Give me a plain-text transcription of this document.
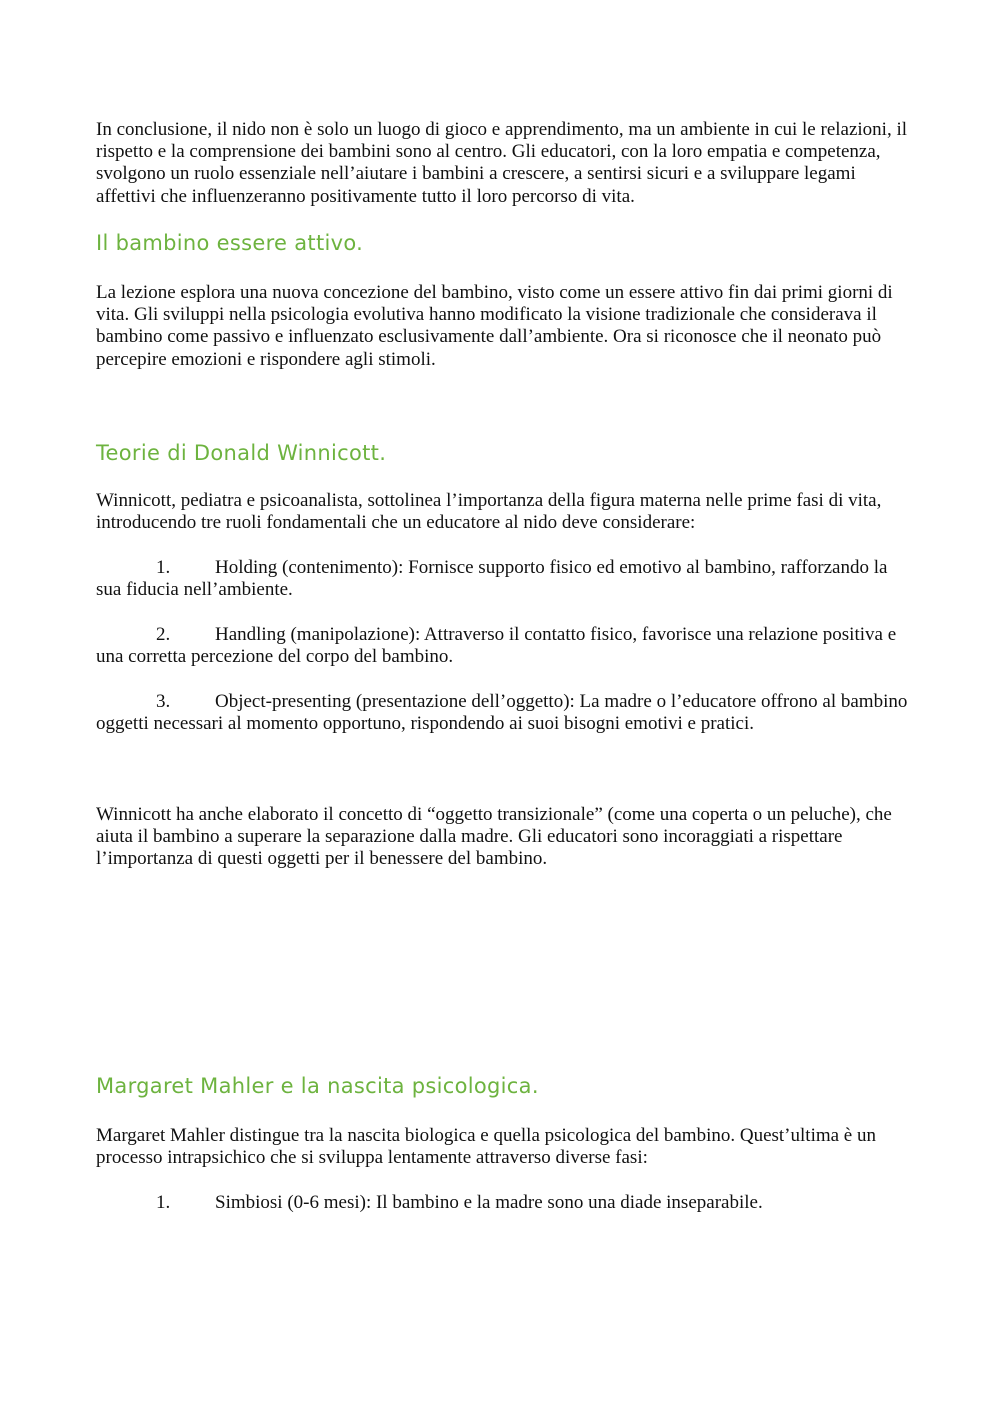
In conclusione, il nido non è solo un luogo di gioco e apprendimento, ma un ambiente in cui le relazioni, il rispetto e la comprensione dei bambini sono al centro. Gli educatori, con la loro empatia e competenza, svolgono un ruolo essenziale nell’aiutare i bambini a crescere, a sentirsi sicuri e a sviluppare legami affettivi che influenzeranno positivamente tutto il loro percorso di vita.

Il bambino essere attivo.

La lezione esplora una nuova concezione del bambino, visto come un essere attivo fin dai primi giorni di vita. Gli sviluppi nella psicologia evolutiva hanno modificato la visione tradizionale che considerava il bambino come passivo e influenzato esclusivamente dall’ambiente. Ora si riconosce che il neonato può percepire emozioni e rispondere agli stimoli.

Teorie di Donald Winnicott.

Winnicott, pediatra e psicoanalista, sottolinea l’importanza della figura materna nelle prime fasi di vita, introducendo tre ruoli fondamentali che un educatore al nido deve considerare:

1. Holding (contenimento): Fornisce supporto fisico ed emotivo al bambino, rafforzando la sua fiducia nell’ambiente.
2. Handling (manipolazione): Attraverso il contatto fisico, favorisce una relazione positiva e una corretta percezione del corpo del bambino.
3. Object-presenting (presentazione dell’oggetto): La madre o l’educatore offrono al bambino oggetti necessari al momento opportuno, rispondendo ai suoi bisogni emotivi e pratici.

Winnicott ha anche elaborato il concetto di “oggetto transizionale” (come una coperta o un peluche), che aiuta il bambino a superare la separazione dalla madre. Gli educatori sono incoraggiati a rispettare l’importanza di questi oggetti per il benessere del bambino.

Margaret Mahler e la nascita psicologica.

Margaret Mahler distingue tra la nascita biologica e quella psicologica del bambino. Quest’ultima è un processo intrapsichico che si sviluppa lentamente attraverso diverse fasi:

1. Simbiosi (0-6 mesi): Il bambino e la madre sono una diade inseparabile.
